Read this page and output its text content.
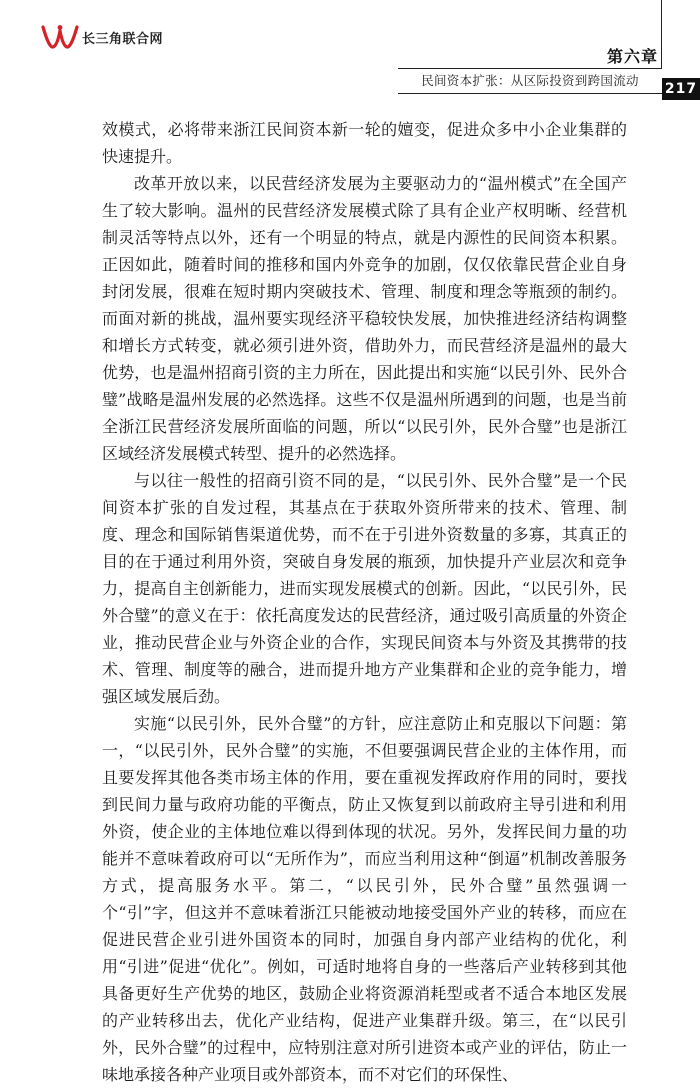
长三角联合网
第六章
民间资本扩张：从区际投资到跨国流动
217

效模式，必将带来浙江民间资本新一轮的嬗变，促进众多中小企业集群的快速提升。

改革开放以来，以民营经济发展为主要驱动力的“温州模式”在全国产生了较大影响。温州的民营经济发展模式除了具有企业产权明晰、经营机制灵活等特点以外，还有一个明显的特点，就是内源性的民间资本积累。正因如此，随着时间的推移和国内外竞争的加剧，仅仅依靠民营企业自身封闭发展，很难在短时期内突破技术、管理、制度和理念等瓶颈的制约。而面对新的挑战，温州要实现经济平稳较快发展，加快推进经济结构调整和增长方式转变，就必须引进外资，借助外力，而民营经济是温州的最大优势，也是温州招商引资的主力所在，因此提出和实施“以民引外、民外合璧”战略是温州发展的必然选择。这些不仅是温州所遇到的问题，也是当前全浙江民营经济发展所面临的问题，所以“以民引外，民外合璧”也是浙江区域经济发展模式转型、提升的必然选择。

与以往一般性的招商引资不同的是，“以民引外、民外合璧”是一个民间资本扩张的自发过程，其基点在于获取外资所带来的技术、管理、制度、理念和国际销售渠道优势，而不在于引进外资数量的多寡，其真正的目的在于通过利用外资，突破自身发展的瓶颈，加快提升产业层次和竞争力，提高自主创新能力，进而实现发展模式的创新。因此，“以民引外，民外合璧”的意义在于：依托高度发达的民营经济，通过吸引高质量的外资企业，推动民营企业与外资企业的合作，实现民间资本与外资及其携带的技术、管理、制度等的融合，进而提升地方产业集群和企业的竞争能力，增强区域发展后劲。

实施“以民引外，民外合璧”的方针，应注意防止和克服以下问题：第一，“以民引外，民外合璧”的实施，不但要强调民营企业的主体作用，而且要发挥其他各类市场主体的作用，要在重视发挥政府作用的同时，要找到民间力量与政府功能的平衡点，防止又恢复到以前政府主导引进和利用外资，使企业的主体地位难以得到体现的状况。另外，发挥民间力量的功能并不意味着政府可以“无所作为”，而应当利用这种“倒逼”机制改善服务方式，提高服务水平。第二，“以民引外，民外合璧”虽然强调一个“引”字，但这并不意味着浙江只能被动地接受国外产业的转移，而应在促进民营企业引进外国资本的同时，加强自身内部产业结构的优化，利用“引进”促进“优化”。例如，可适时地将自身的一些落后产业转移到其他具备更好生产优势的地区，鼓励企业将资源消耗型或者不适合本地区发展的产业转移出去，优化产业结构，促进产业集群升级。第三，在“以民引外，民外合璧”的过程中，应特别注意对所引进资本或产业的评估，防止一味地承接各种产业项目或外部资本，而不对它们的环保性、
